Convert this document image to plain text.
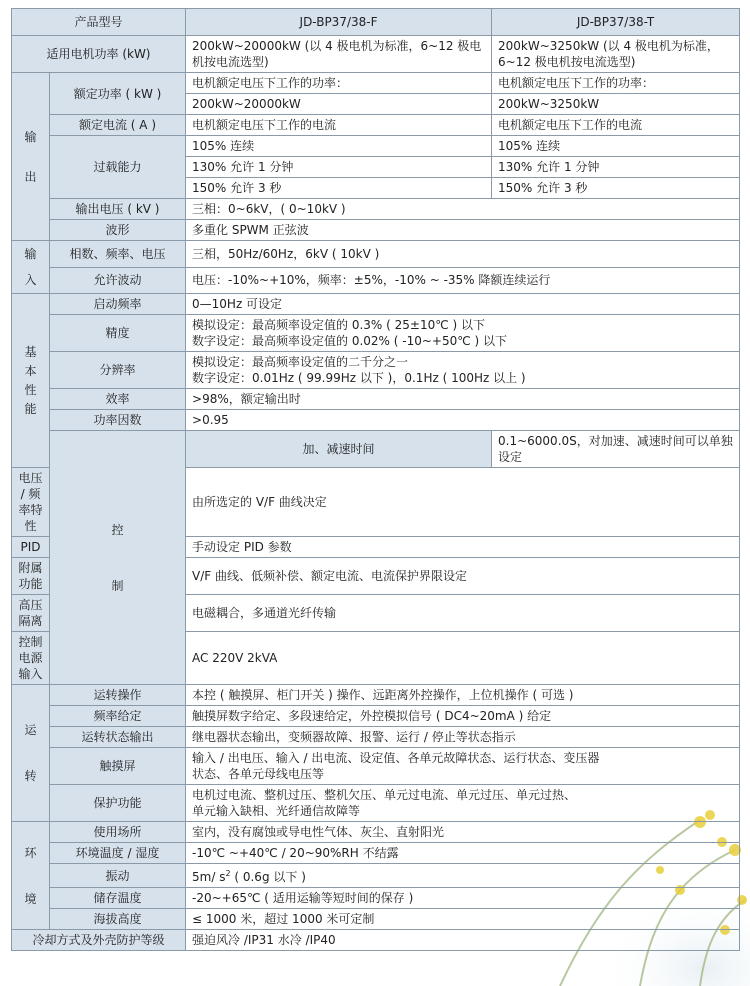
产品型号		JD-BP37/38-F	JD-BP37/38-T
适用电机功率 (kW)		200kW~20000kW (以 4 极电机为标准，6~12 极电机按电流选型)	200kW~3250kW (以 4 极电机为标准，6~12 极电机按电流选型)

输
出	额定功率 ( kW )	电机额定电压下工作的功率：	电机额定电压下工作的功率：
		200kW~20000kW	200kW~3250kW
	额定电流 ( A )	电机额定电压下工作的电流	电机额定电压下工作的电流
	过载能力	105% 连续	105% 连续
		130% 允许 1 分钟	130% 允许 1 分钟
		150% 允许 3 秒	150% 允许 3 秒
	输出电压 ( kV )	三相：0~6kV，( 0~10kV )	
	波形	多重化 SPWM 正弦波	

输
入	相数、频率、电压	三相，50Hz/60Hz，6kV ( 10kV )	
	允许波动	电压：-10%~+10%，频率：±5%，-10% ~ -35% 降额连续运行	

基
本
性
能	启动频率	0—10Hz 可设定	
	精度	模拟设定：最高频率设定值的 0.3% ( 25±10℃ ) 以下
数字设定：最高频率设定值的 0.02% ( -10~+50℃ ) 以下	

	分辨率	模拟设定：最高频率设定值的二千分之一
数字设定：0.01Hz ( 99.99Hz 以下 )，0.1Hz ( 100Hz 以上 )	

	效率	>98%，额定输出时	
	功率因数	>0.95	

	控
制	加、减速时间	0.1~6000.0S，对加速、减速时间可以单独设定
电压 / 频率特性		由所选定的 V/F 曲线决定	
PID		手动设定 PID 参数	
附属功能		V/F 曲线、低频补偿、额定电流、电流保护界限设定	
高压隔离		电磁耦合，多通道光纤传输	
控制电源输入		AC 220V 2kVA	

运
转	运转操作	本控 ( 触摸屏、柜门开关 ) 操作、远距离外控操作，上位机操作 ( 可选 )	
	频率给定	触摸屏数字给定、多段速给定，外控模拟信号 ( DC4~20mA ) 给定	
	运转状态输出	继电器状态输出，变频器故障、报警、运行 / 停止等状态指示	
	触摸屏	输入 / 出电压、输入 / 出电流、设定值、各单元故障状态、运行状态、变压器
状态、各单元母线电压等	

	保护功能	电机过电流、整机过压、整机欠压、单元过电流、单元过压、单元过热、
单元输入缺相、光纤通信故障等	

环
境	使用场所	室内，没有腐蚀或导电性气体、灰尘、直射阳光	
	环境温度 / 湿度	-10℃ ~+40℃ / 20~90%RH 不结露	
	振动	5m/ $s^2$ ( 0.6g 以下 )	
	储存温度	-20~+65℃ ( 适用运输等短时间的保存 )	
	海拔高度	≤ 1000 米，超过 1000 米可定制	
冷却方式及外壳防护等级		强迫风冷 /IP31 水冷 /IP40	
